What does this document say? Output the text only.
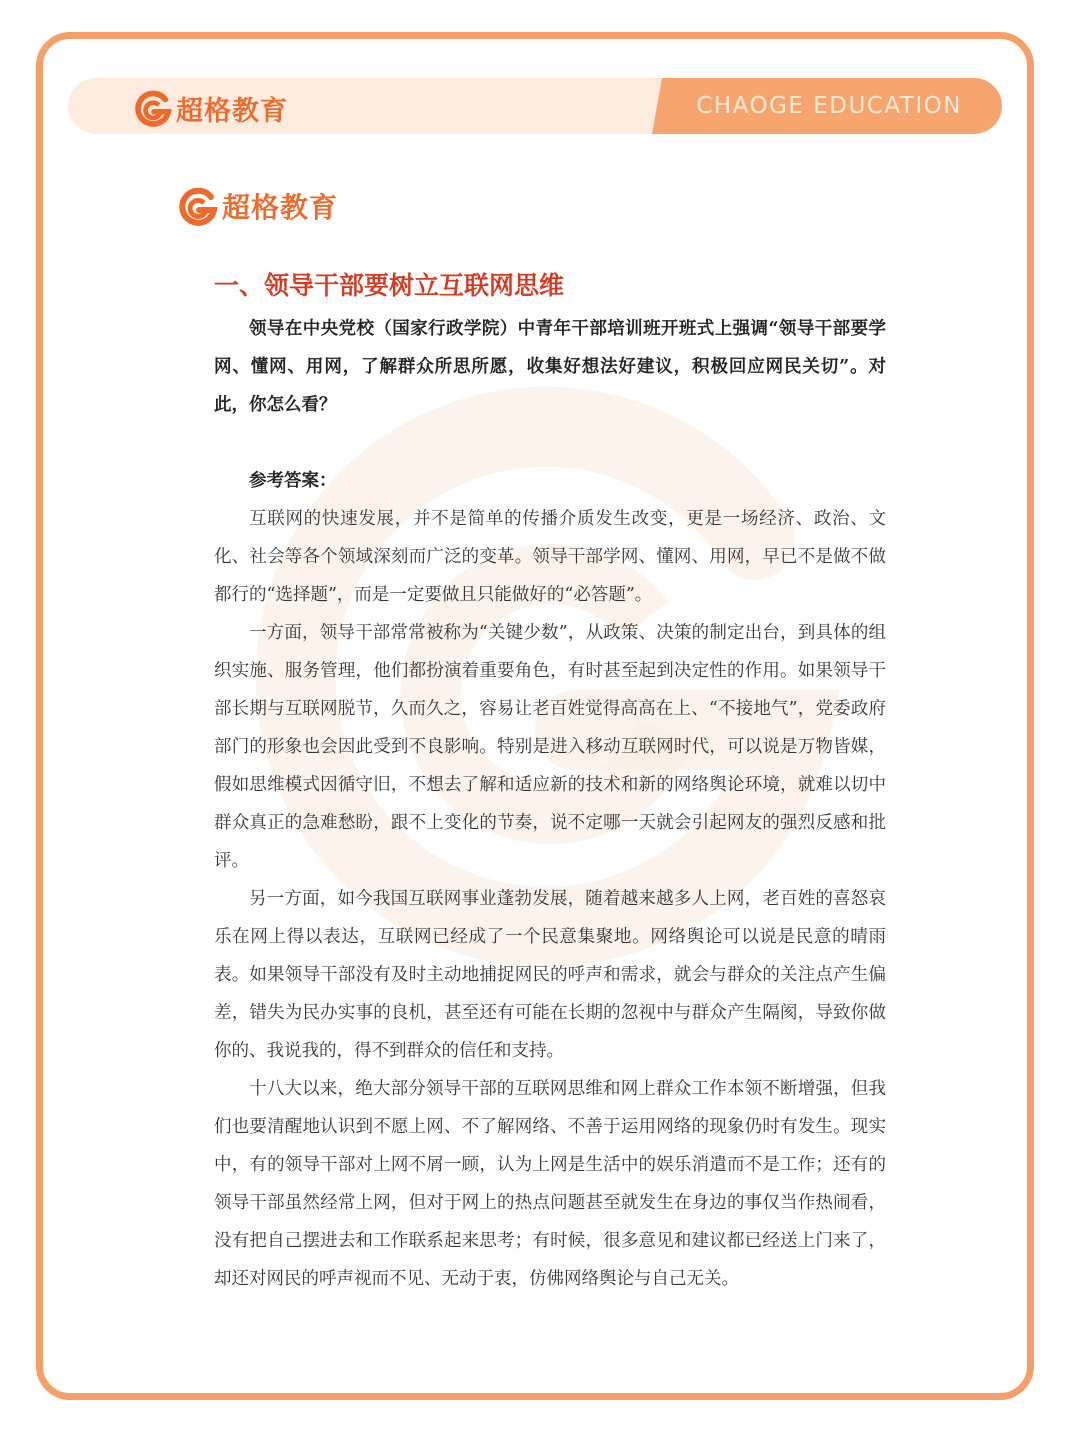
CHAOGE EDUCATION
超格教育
超格教育
一、领导干部要树立互联网思维

领导在中央党校（国家行政学院）中青年干部培训班开班式上强调“领导干部要学网、懂网、用网，了解群众所思所愿，收集好想法好建议，积极回应网民关切”。对此，你怎么看？

参考答案：

互联网的快速发展，并不是简单的传播介质发生改变，更是一场经济、政治、文化、社会等各个领域深刻而广泛的变革。领导干部学网、懂网、用网，早已不是做不做都行的“选择题”，而是一定要做且只能做好的“必答题”。

一方面，领导干部常常被称为“关键少数”，从政策、决策的制定出台，到具体的组织实施、服务管理，他们都扮演着重要角色，有时甚至起到决定性的作用。如果领导干部长期与互联网脱节，久而久之，容易让老百姓觉得高高在上、“不接地气”，党委政府部门的形象也会因此受到不良影响。特别是进入移动互联网时代，可以说是万物皆媒，假如思维模式因循守旧，不想去了解和适应新的技术和新的网络舆论环境，就难以切中群众真正的急难愁盼，跟不上变化的节奏，说不定哪一天就会引起网友的强烈反感和批评。

另一方面，如今我国互联网事业蓬勃发展，随着越来越多人上网，老百姓的喜怒哀乐在网上得以表达，互联网已经成了一个民意集聚地。网络舆论可以说是民意的晴雨表。如果领导干部没有及时主动地捕捉网民的呼声和需求，就会与群众的关注点产生偏差，错失为民办实事的良机，甚至还有可能在长期的忽视中与群众产生隔阂，导致你做你的、我说我的，得不到群众的信任和支持。

十八大以来，绝大部分领导干部的互联网思维和网上群众工作本领不断增强，但我们也要清醒地认识到不愿上网、不了解网络、不善于运用网络的现象仍时有发生。现实中，有的领导干部对上网不屑一顾，认为上网是生活中的娱乐消遣而不是工作；还有的领导干部虽然经常上网，但对于网上的热点问题甚至就发生在身边的事仅当作热闹看，没有把自己摆进去和工作联系起来思考；有时候，很多意见和建议都已经送上门来了，却还对网民的呼声视而不见、无动于衷，仿佛网络舆论与自己无关。
